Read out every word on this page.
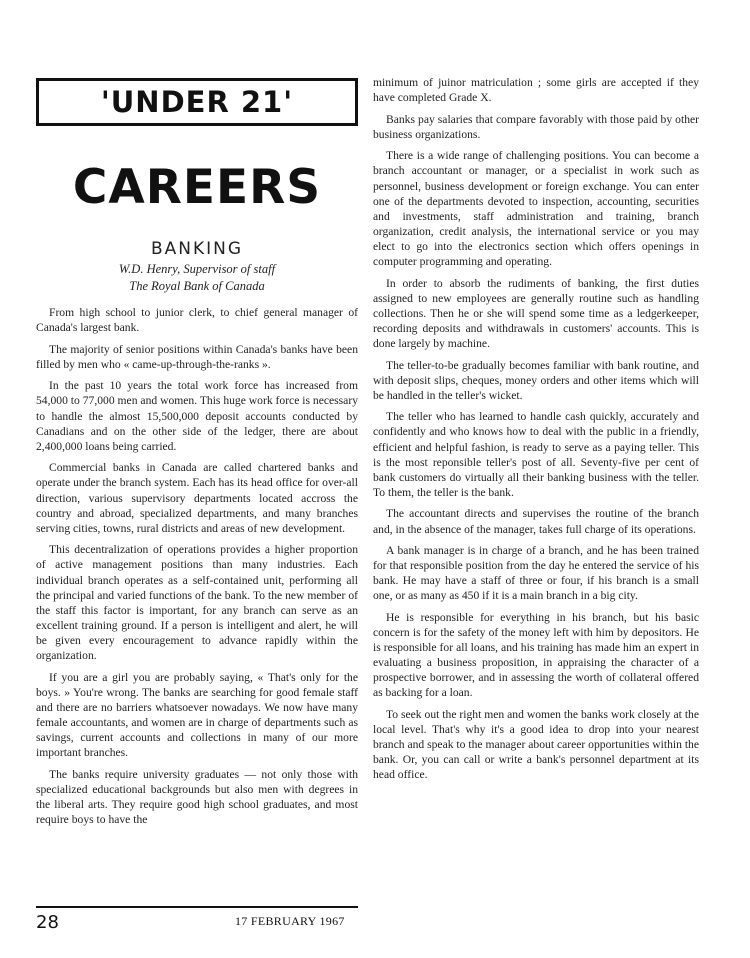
'UNDER 21'
CAREERS
BANKING
W.D. Henry, Supervisor of staff
The Royal Bank of Canada

From high school to junior clerk, to chief general manager of Canada's largest bank.

The majority of senior positions within Canada's banks have been filled by men who « came-up-through-the-ranks ».

In the past 10 years the total work force has increased from 54,000 to 77,000 men and women. This huge work force is necessary to handle the almost 15,500,000 deposit accounts conducted by Canadians and on the other side of the ledger, there are about 2,400,000 loans being carried.

Commercial banks in Canada are called chartered banks and operate under the branch system. Each has its head office for over-all direction, various supervisory departments located accross the country and abroad, specialized departments, and many branches serving cities, towns, rural districts and areas of new development.

This decentralization of operations provides a higher proportion of active management positions than many industries. Each individual branch operates as a self-contained unit, performing all the principal and varied functions of the bank. To the new member of the staff this factor is important, for any branch can serve as an excellent training ground. If a person is intelligent and alert, he will be given every encouragement to advance rapidly within the organization.

If you are a girl you are probably saying, « That's only for the boys. » You're wrong. The banks are searching for good female staff and there are no barriers whatsoever nowadays. We now have many female accountants, and women are in charge of departments such as savings, current accounts and collections in many of our more important branches.

The banks require university graduates — not only those with specialized educational backgrounds but also men with degrees in the liberal arts. They require good high school graduates, and most require boys to have the

minimum of juinor matriculation ; some girls are accepted if they have completed Grade X.

Banks pay salaries that compare favorably with those paid by other business organizations.

There is a wide range of challenging positions. You can become a branch accountant or manager, or a specialist in work such as personnel, business development or foreign exchange. You can enter one of the departments devoted to inspection, accounting, securities and investments, staff administration and training, branch organization, credit analysis, the international service or you may elect to go into the electronics section which offers openings in computer programming and operating.

In order to absorb the rudiments of banking, the first duties assigned to new employees are generally routine such as handling collections. Then he or she will spend some time as a ledgerkeeper, recording deposits and withdrawals in customers' accounts. This is done largely by machine.

The teller-to-be gradually becomes familiar with bank routine, and with deposit slips, cheques, money orders and other items which will be handled in the teller's wicket.

The teller who has learned to handle cash quickly, accurately and confidently and who knows how to deal with the public in a friendly, efficient and helpful fashion, is ready to serve as a paying teller. This is the most reponsible teller's post of all. Seventy-five per cent of bank customers do virtually all their banking business with the teller. To them, the teller is the bank.

The accountant directs and supervises the routine of the branch and, in the absence of the manager, takes full charge of its operations.

A bank manager is in charge of a branch, and he has been trained for that responsible position from the day he entered the service of his bank. He may have a staff of three or four, if his branch is a small one, or as many as 450 if it is a main branch in a big city.

He is responsible for everything in his branch, but his basic concern is for the safety of the money left with him by depositors. He is responsible for all loans, and his training has made him an expert in evaluating a business proposition, in appraising the character of a prospective borrower, and in assessing the worth of collateral offered as backing for a loan.

To seek out the right men and women the banks work closely at the local level. That's why it's a good idea to drop into your nearest branch and speak to the manager about career opportunities within the bank. Or, you can call or write a bank's personnel department at its head office.

28	17 FEBRUARY 1967
